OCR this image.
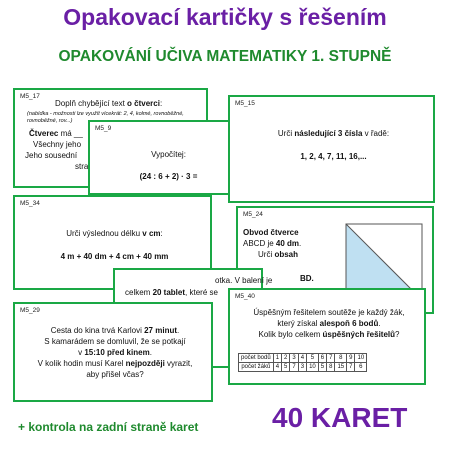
Opakovací kartičky s řešením
OPAKOVÁNÍ UČIVA MATEMATIKY 1. STUPNĚ
M5_17
Doplň chybějící text o čtverci:
(nabídka - možnosti lze využít vícekrát: 2, 4, kolmé, rovnoběžné, rovnoběžné, rov...)
Čtverec má __
Všechny jeho
Jeho sousední
stra
M5_9
Vypočítej:
(24 : 6 + 2) · 3 =
M5_15
Urči následující 3 čísla v řadě:
1, 2, 4, 7, 11, 16,...
M5_24
Obvod čtverce
ABCD je 40 dm.
Urči obsah
BD.
M5_34
Urči výslednou délku v cm:
4 m + 40 dm + 4 cm + 40 mm
otka. V balení je
celkem 20 tablet, které se
M5_29
Cesta do kina trvá Karlovi 27 minut.
S kamarádem se domluvil, že se potkají
v 15:10 před kinem.
V kolik hodin musí Karel nejpozději vyrazit,
aby přišel včas?
M5_40
Úspěšným řešitelem soutěže je každý žák,
který získal alespoň 6 bodů.
Kolik bylo celkem úspěšných řešitelů?
počet bodů	1	2	3	4	5	6	7	8	9	10
počet žáků	4	5	7	3	10	5	8	15	7	6
+ kontrola na zadní straně karet	40 KARET
